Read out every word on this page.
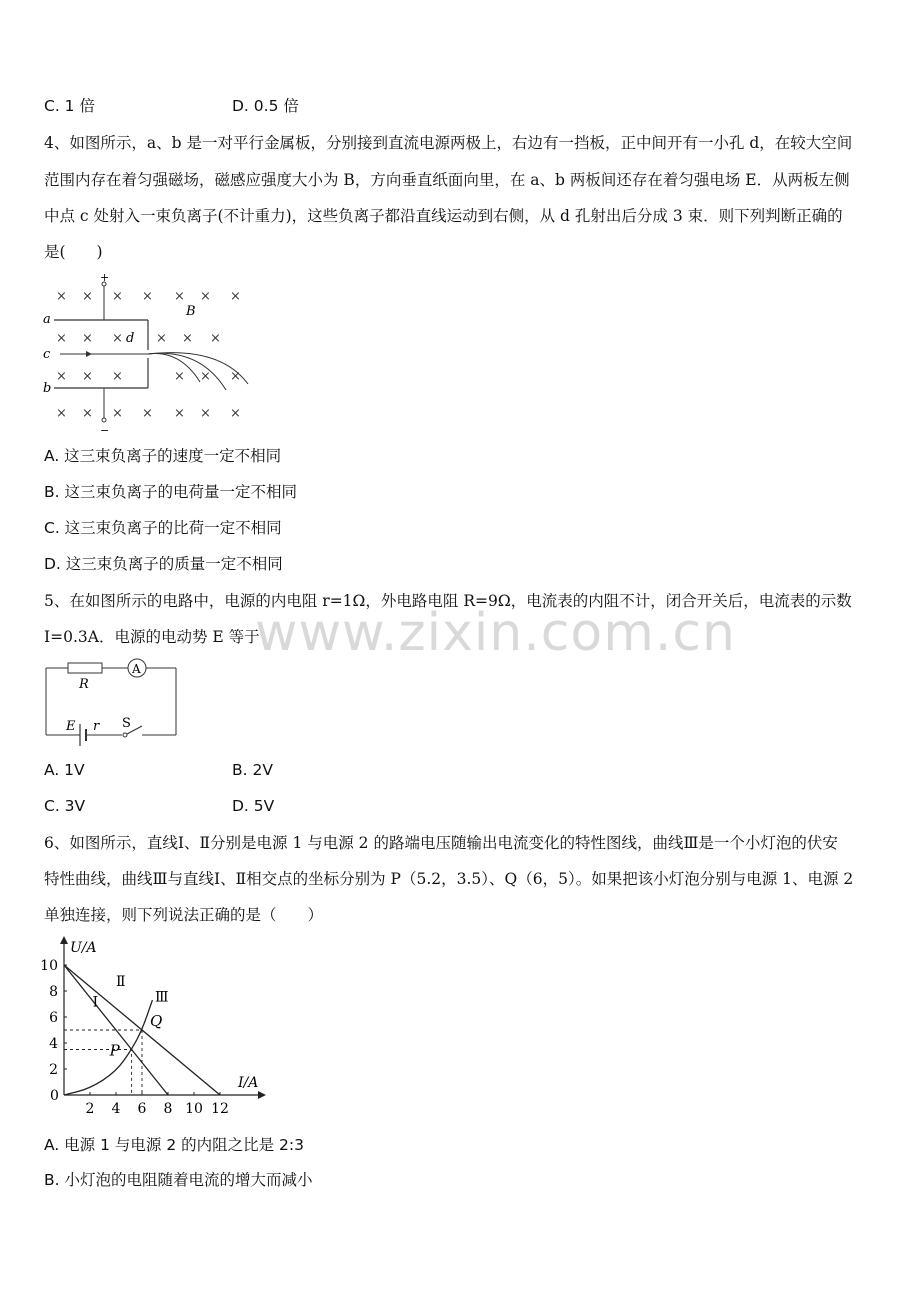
www.zixin.com.cn
C. 1 倍	D. 0.5 倍
4、如图所示，a、b 是一对平行金属板，分别接到直流电源两极上，右边有一挡板，正中间开有一小孔 d，在较大空间
范围内存在着匀强磁场，磁感应强度大小为 B，方向垂直纸面向里，在 a、b 两板间还存在着匀强电场 E．从两板左侧
中点 c 处射入一束负离子(不计重力)，这些负离子都沿直线运动到右侧，从 d 孔射出后分成 3 束．则下列判断正确的
是(　　)
× × × × × × ×
× × ×	× × ×
× × ×	× × ×
× × × × × × ×
+
−
a
c
b
d
B
A. 这三束负离子的速度一定不相同
B. 这三束负离子的电荷量一定不相同
C. 这三束负离子的比荷一定不相同
D. 这三束负离子的质量一定不相同
5、在如图所示的电路中，电源的内电阻 r=1Ω，外电路电阻 R=9Ω，电流表的内阻不计，闭合开关后，电流表的示数
I=0.3A．电源的电动势 E 等于
R
A
E r S
A. 1V	B. 2V
C. 3V	D. 5V
6、如图所示，直线Ⅰ、Ⅱ分别是电源 1 与电源 2 的路端电压随输出电流变化的特性图线，曲线Ⅲ是一个小灯泡的伏安
特性曲线，曲线Ⅲ与直线Ⅰ、Ⅱ相交点的坐标分别为 P（5.2，3.5）、Q（6，5）。如果把该小灯泡分别与电源 1、电源 2
单独连接，则下列说法正确的是（　　）
U/A
I/A
0
2 4 6 8 10 12
2
4
6
8
10
Ⅰ
Ⅱ
Ⅲ
P
Q
A. 电源 1 与电源 2 的内阻之比是 2:3
B. 小灯泡的电阻随着电流的增大而减小
